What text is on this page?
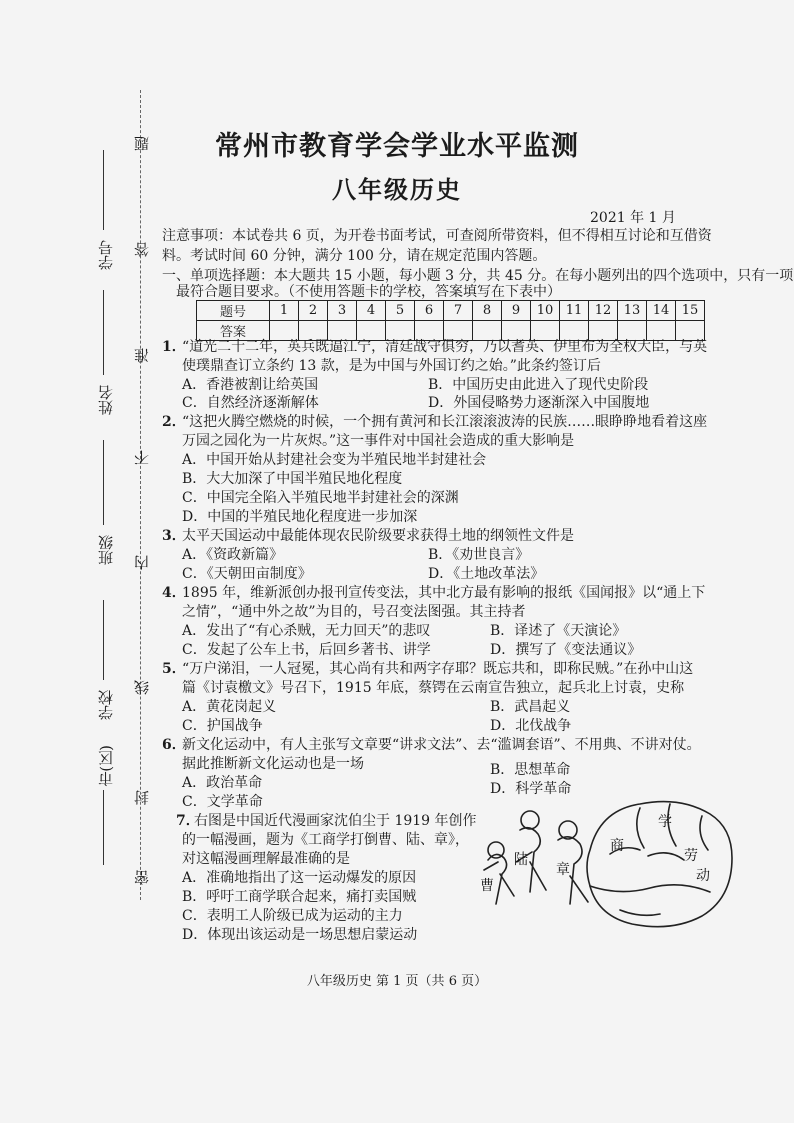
密
封
线
内
不
准
答
题
市(区)
学校
班级
姓名
学号
常州市教育学会学业水平监测
八年级历史
2021 年 1 月
注意事项：本试卷共 6 页，为开卷书面考试，可查阅所带资料，但不得相互讨论和互借资
料。考试时间 60 分钟，满分 100 分，请在规定范围内答题。
一、单项选择题：本大题共 15 小题，每小题 3 分，共 45 分。在每小题列出的四个选项中，只有一项
最符合题目要求。（不使用答题卡的学校，答案填写在下表中）
题号	1	2	3	4	5	6	7	8	9	10	11	12	13	14	15
答案															
1．
“道光二十二年，英兵既逼江宁，清廷战守俱穷，乃以耆英、伊里布为全权大臣，与英
使璞鼎查订立条约 13 款，是为中国与外国订约之始。”此条约签订后
A．香港被割让给英国	B．中国历史由此进入了现代史阶段
C．自然经济逐渐解体	D．外国侵略势力逐渐深入中国腹地
2．
“这把火腾空燃烧的时候，一个拥有黄河和长江滚滚波涛的民族……眼睁睁地看着这座
万园之园化为一片灰烬。”这一事件对中国社会造成的重大影响是
A．中国开始从封建社会变为半殖民地半封建社会
B．大大加深了中国半殖民地化程度
C．中国完全陷入半殖民地半封建社会的深渊
D．中国的半殖民地化程度进一步加深
3．
太平天国运动中最能体现农民阶级要求获得土地的纲领性文件是
A．《资政新篇》	B．《劝世良言》
C．《天朝田亩制度》	D．《土地改革法》
4．
1895 年，维新派创办报刊宣传变法，其中北方最有影响的报纸《国闻报》以“通上下
之情”，“通中外之故”为目的，号召变法图强。其主持者
A．发出了“有心杀贼，无力回天”的悲叹	B．译述了《天演论》
C．发起了公车上书，后回乡著书、讲学	D．撰写了《变法通议》
5．
“万户涕泪，一人冠冕，其心尚有共和两字存耶？既忘共和，即称民贼。”在孙中山这
篇《讨袁檄文》号召下，1915 年底，蔡锷在云南宣告独立，起兵北上讨袁，史称
A．黄花岗起义	B．武昌起义
C．护国战争	D．北伐战争
6．
新文化运动中，有人主张写文章要“讲求文法”、去“滥调套语”、不用典、不讲对仗。
据此推断新文化运动也是一场
A．政治革命
B．思想革命
C．文学革命
D．科学革命
7．
右图是中国近代漫画家沈伯尘于 1919 年创作
的一幅漫画，题为《工商学打倒曹、陆、章》，
对这幅漫画理解最准确的是
A．准确地指出了这一运动爆发的原因
B．呼吁工商学联合起来，痛打卖国贼
C．表明工人阶级已成为运动的主力
D．体现出该运动是一场思想启蒙运动
曹
陆
章
商
学
劳
动
八年级历史 第 1 页（共 6 页）
